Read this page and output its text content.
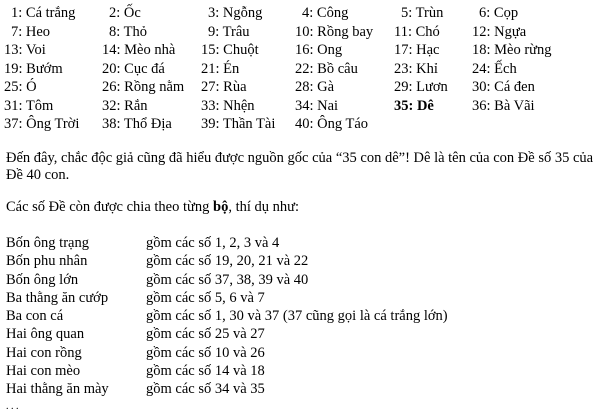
1: Cá trắng 2: Ốc	3: Ngỗng	4: Công	5: Trùn 6: Cọp
7: Heo	8: Thỏ	9: Trâu	10: Rồng bay 11: Chó 12: Ngựa
13: Voi	14: Mèo nhà 15: Chuột	16: Ong	17: Hạc 18: Mèo rừng
19: Bướm	20: Cục đá 21: Én	22: Bồ câu 23: Khỉ 24: Ếch
25: Ó	26: Rồng nằm 27: Rùa	28: Gà	29: Lươn 30: Cá đen
31: Tôm	32: Rắn	33: Nhện	34: Nai	35: Dê	36: Bà Vãi
37: Ông Trời 38: Thổ Địa 39: Thần Tài 40: Ông Táo

Đến đây, chắc độc giả cũng đã hiểu được nguồn gốc của “35 con dê”! Dê là tên của con Đề số 35 của Đề 40 con.

Các số Đề còn được chia theo từng bộ, thí dụ như:

Bốn ông trạng	gồm các số 1, 2, 3 và 4
Bốn phu nhân	gồm các số 19, 20, 21 và 22
Bốn ông lớn	gồm các số 37, 38, 39 và 40
Ba thằng ăn cướp	gồm các số 5, 6 và 7
Ba con cá	gồm các số 1, 30 và 37 (37 cũng gọi là cá trắng lớn)
Hai ông quan	gồm các số 25 và 27
Hai con rồng	gồm các số 10 và 26
Hai con mèo	gồm các số 14 và 18
Hai thằng ăn mày	gồm các số 34 và 35
. . .
